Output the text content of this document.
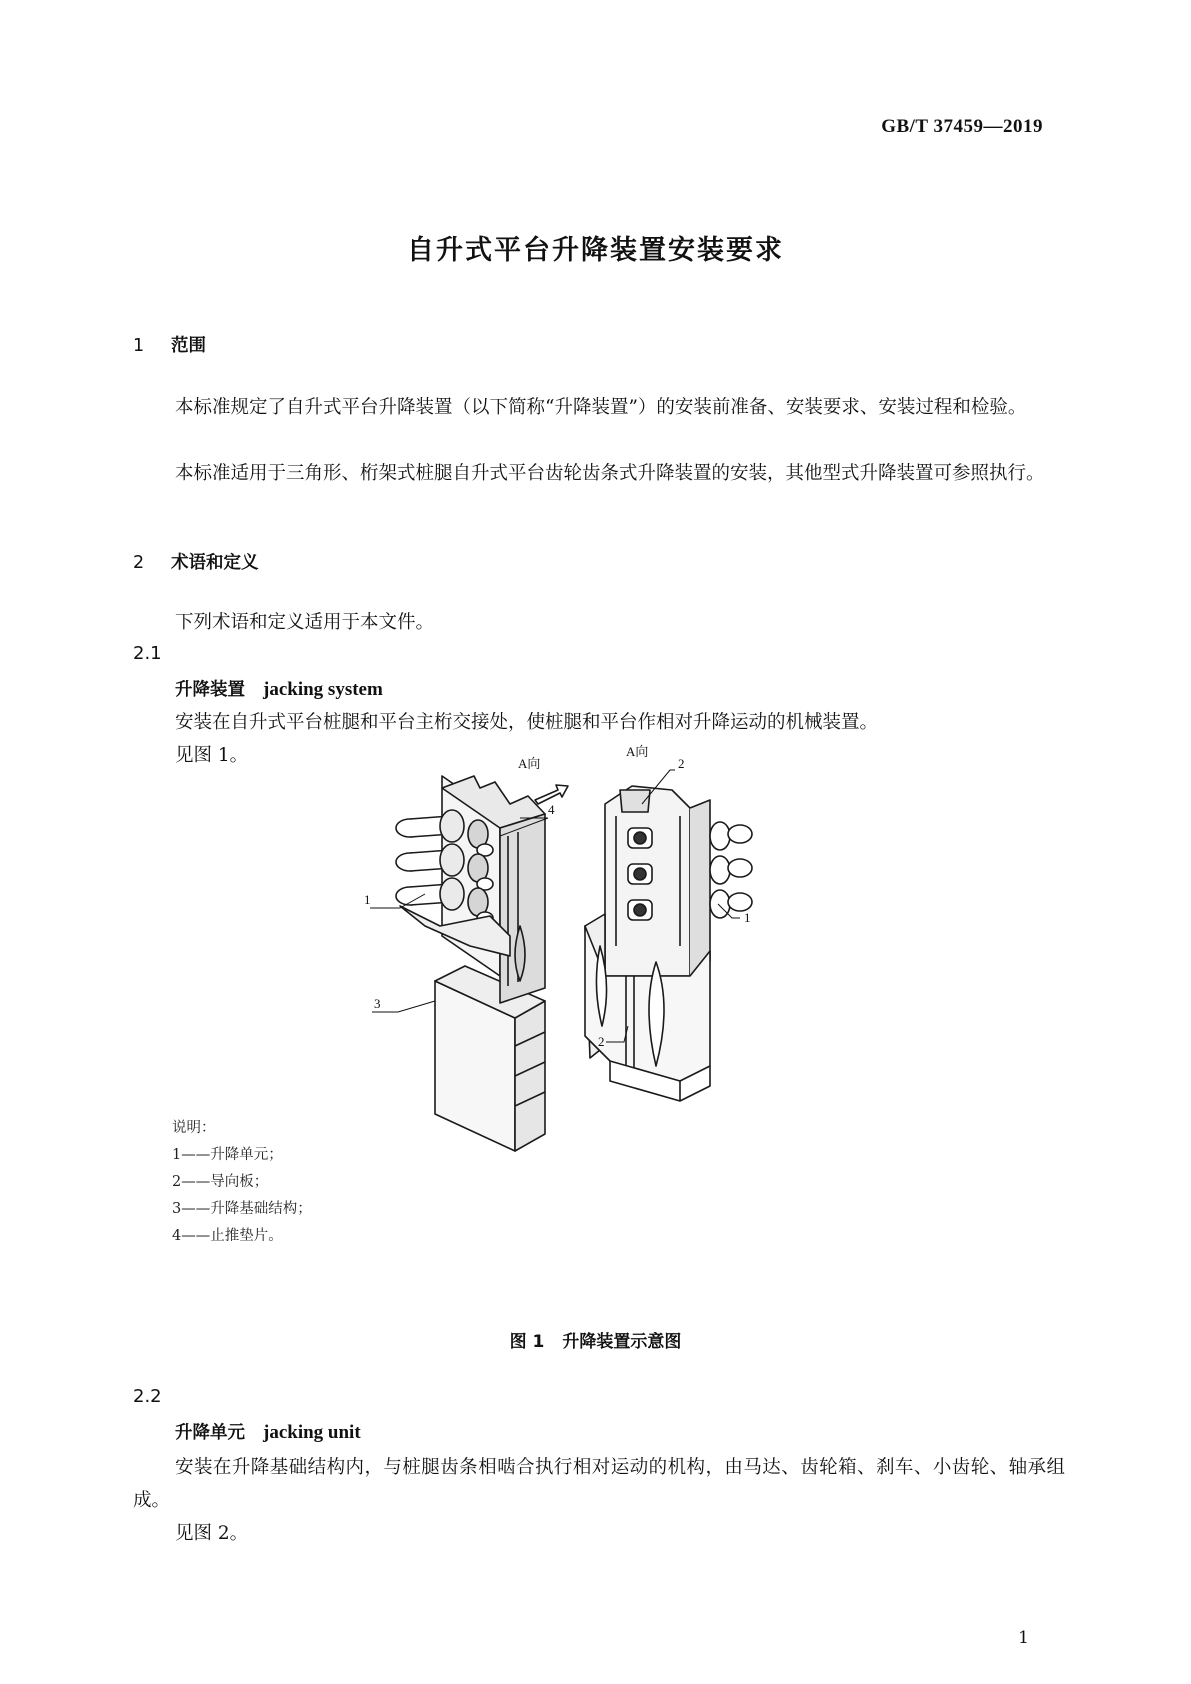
GB/T 37459—2019
自升式平台升降装置安装要求
1 范围
本标准规定了自升式平台升降装置（以下简称“升降装置”）的安装前准备、安装要求、安装过程和检验。
本标准适用于三角形、桁架式桩腿自升式平台齿轮齿条式升降装置的安装，其他型式升降装置可参照执行。
2 术语和定义
下列术语和定义适用于本文件。
2.1
升降装置 jacking system
安装在自升式平台桩腿和平台主桁交接处，使桩腿和平台作相对升降运动的机械装置。
见图 1。	A向
A向
1
2
2
3
4
1
说明：
1——升降单元；
2——导向板；
3——升降基础结构；
4——止推垫片。
图 1 升降装置示意图
2.2
升降单元 jacking unit
安装在升降基础结构内，与桩腿齿条相啮合执行相对运动的机构，由马达、齿轮箱、刹车、小齿轮、轴承组成。
见图 2。
1
